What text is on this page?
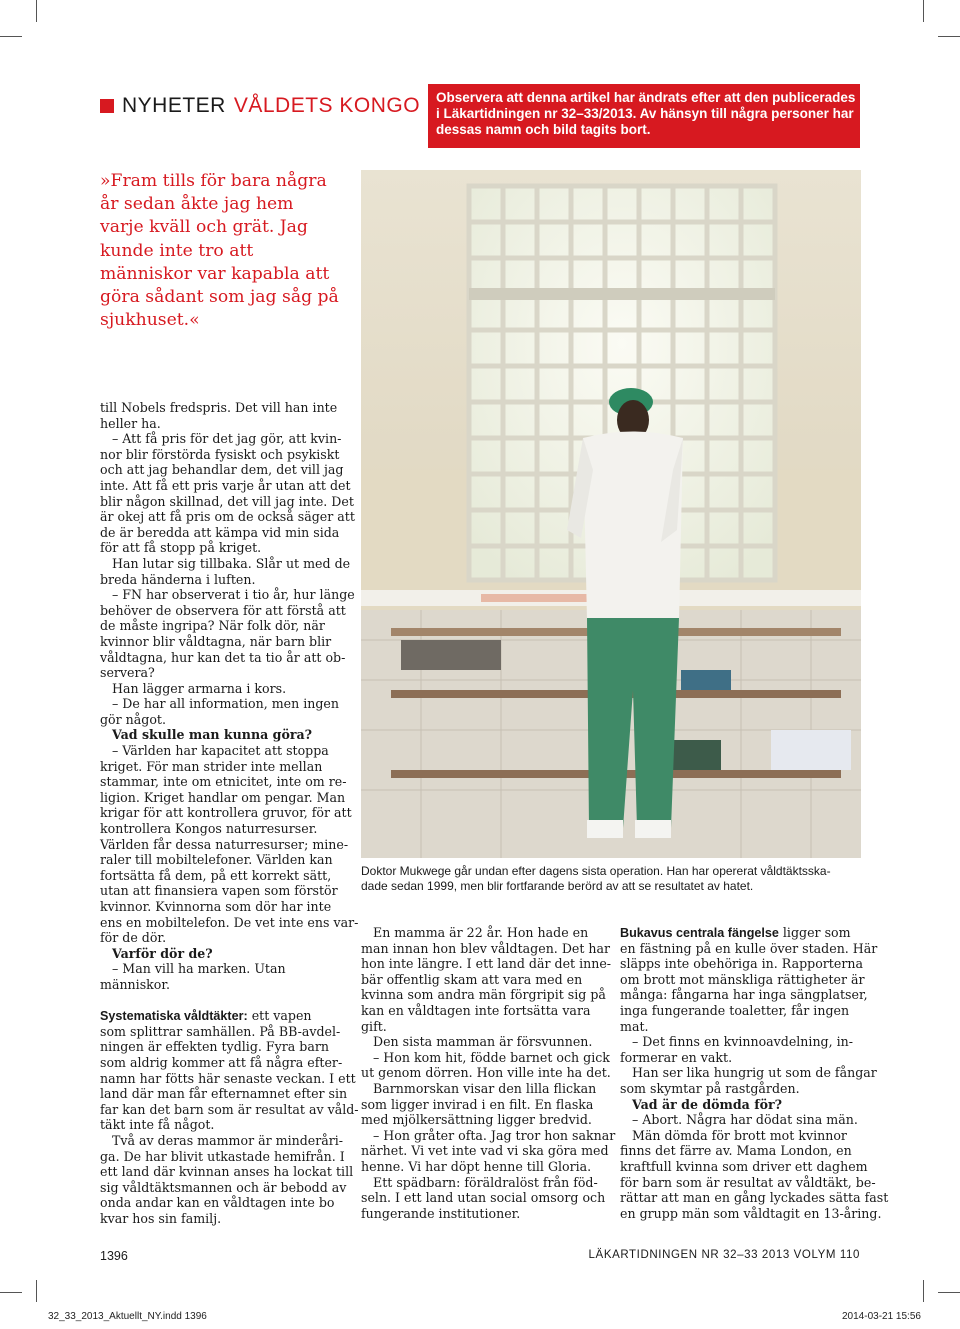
NYHETER VÅLDETS KONGO Observera att denna artikel har ändrats efter att den publicerades
i Läkartidningen nr 32–33/2013. Av hänsyn till några personer har
dessas namn och bild tagits bort.
»Fram tills för bara några
år sedan åkte jag hem
varje kväll och grät. Jag
kunde inte tro att
människor var kapabla att
göra sådant som jag såg på
sjukhuset.«
Doktor Mukwege går undan efter dagens sista operation. Han har opererat våldtäktsska-
dade sedan 1999, men blir fortfarande berörd av att se resultatet av hatet.
till Nobels fredspris. Det vill han inte
heller ha.
– Att få pris för det jag gör, att kvin-
nor blir förstörda fysiskt och psykiskt
och att jag behandlar dem, det vill jag
inte. Att få ett pris varje år utan att det
blir någon skillnad, det vill jag inte. Det
är okej att få pris om de också säger att
de är beredda att kämpa vid min sida
för att få stopp på kriget.
Han lutar sig tillbaka. Slår ut med de
breda händerna i luften.
– FN har observerat i tio år, hur länge
behöver de observera för att förstå att
de måste ingripa? När folk dör, när
kvinnor blir våldtagna, när barn blir
våldtagna, hur kan det ta tio år att ob-
servera?
Han lägger armarna i kors.
– De har all information, men ingen
gör något.
Vad skulle man kunna göra?
– Världen har kapacitet att stoppa
kriget. För man strider inte mellan
stammar, inte om etnicitet, inte om re-
ligion. Kriget handlar om pengar. Man
krigar för att kontrollera gruvor, för att
kontrollera Kongos naturresurser.
Världen får dessa naturresurser; mine-
raler till mobiltelefoner. Världen kan
fortsätta få dem, på ett korrekt sätt,
utan att finansiera vapen som förstör
kvinnor. Kvinnorna som dör har inte
ens en mobiltelefon. De vet inte ens var-
för de dör.
Varför dör de?
– Man vill ha marken. Utan
människor.
Systematiska våldtäkter: ett vapen
som splittrar samhällen. På BB-avdel-
ningen är effekten tydlig. Fyra barn
som aldrig kommer att få några efter-
namn har fötts här senaste veckan. I ett
land där man får efternamnet efter sin
far kan det barn som är resultat av våld-
täkt inte få något.
Två av deras mammor är minderåri-
ga. De har blivit utkastade hemifrån. I
ett land där kvinnan anses ha lockat till
sig våldtäktsmannen och är bebodd av
onda andar kan en våldtagen inte bo
kvar hos sin familj.
En mamma är 22 år. Hon hade en
man innan hon blev våldtagen. Det har
hon inte längre. I ett land där det inne-
bär offentlig skam att vara med en
kvinna som andra män förgripit sig på
kan en våldtagen inte fortsätta vara
gift.
Den sista mamman är försvunnen.
– Hon kom hit, födde barnet och gick
ut genom dörren. Hon ville inte ha det.
Barnmorskan visar den lilla flickan
som ligger invirad i en filt. En flaska
med mjölkersättning ligger bredvid.
– Hon gråter ofta. Jag tror hon saknar
närhet. Vi vet inte vad vi ska göra med
henne. Vi har döpt henne till Gloria.
Ett spädbarn: föräldralöst från föd-
seln. I ett land utan social omsorg och
fungerande institutioner.
Bukavus centrala fängelse ligger som
en fästning på en kulle över staden. Här
släpps inte obehöriga in. Rapporterna
om brott mot mänskliga rättigheter är
många: fångarna har inga sängplatser,
inga fungerande toaletter, får ingen
mat.
– Det finns en kvinnoavdelning, in-
formerar en vakt.
Han ser lika hungrig ut som de fångar
som skymtar på rastgården.
Vad är de dömda för?
– Abort. Några har dödat sina män.
Män dömda för brott mot kvinnor
finns det färre av. Mama London, en
kraftfull kvinna som driver ett daghem
för barn som är resultat av våldtäkt, be-
rättar att man en gång lyckades sätta fast
en grupp män som våldtagit en 13-åring.
1396	LÄKARTIDNINGEN NR 32–33 2013 VOLYM 110
32_33_2013_Aktuellt_NY.indd 1396	2014-03-21 15:56
